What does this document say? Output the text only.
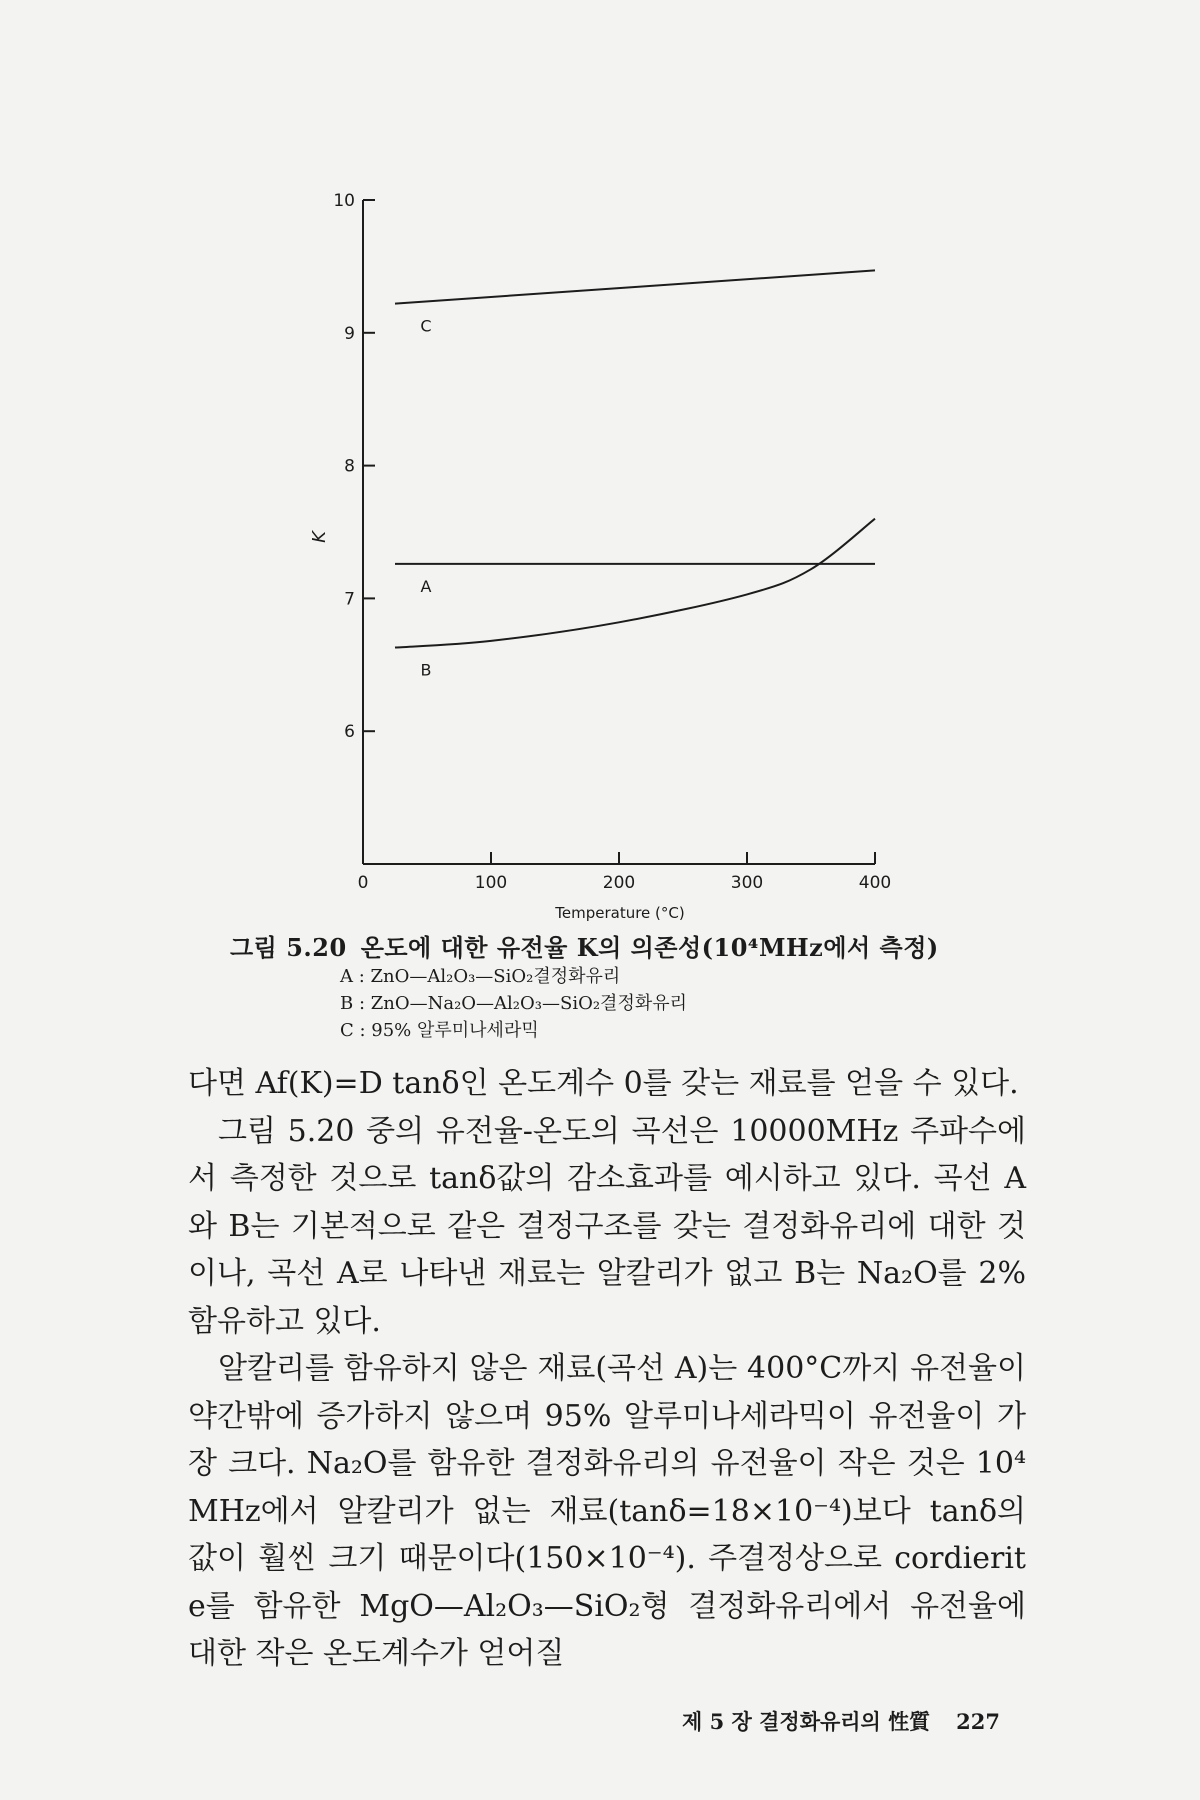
6
7
8
9
10
100	200	300	400
C
A
B
Temperature (°C)
K
0
그림 5.20 온도에 대한 유전율 K의 의존성(10⁴MHz에서 측정)
A : ZnO—Al₂O₃—SiO₂결정화유리
B : ZnO—Na₂O—Al₂O₃—SiO₂결정화유리
C : 95% 알루미나세라믹

다면 Af(K)=D tanδ인 온도계수 0를 갖는 재료를 얻을 수 있다.

그림 5.20 중의 유전율-온도의 곡선은 10000MHz 주파수에서 측정한 것으로 tanδ값의 감소효과를 예시하고 있다. 곡선 A와 B는 기본적으로 같은 결정구조를 갖는 결정화유리에 대한 것이나, 곡선 A로 나타낸 재료는 알칼리가 없고 B는 Na₂O를 2% 함유하고 있다.

알칼리를 함유하지 않은 재료(곡선 A)는 400°C까지 유전율이 약간밖에 증가하지 않으며 95% 알루미나세라믹이 유전율이 가장 크다. Na₂O를 함유한 결정화유리의 유전율이 작은 것은 10⁴MHz에서 알칼리가 없는 재료(tanδ=18×10⁻⁴)보다 tanδ의 값이 훨씬 크기 때문이다(150×10⁻⁴). 주결정상으로 cordierite를 함유한 MgO—Al₂O₃—SiO₂형 결정화유리에서 유전율에 대한 작은 온도계수가 얻어질

제 5 장 결정화유리의 性質 227
